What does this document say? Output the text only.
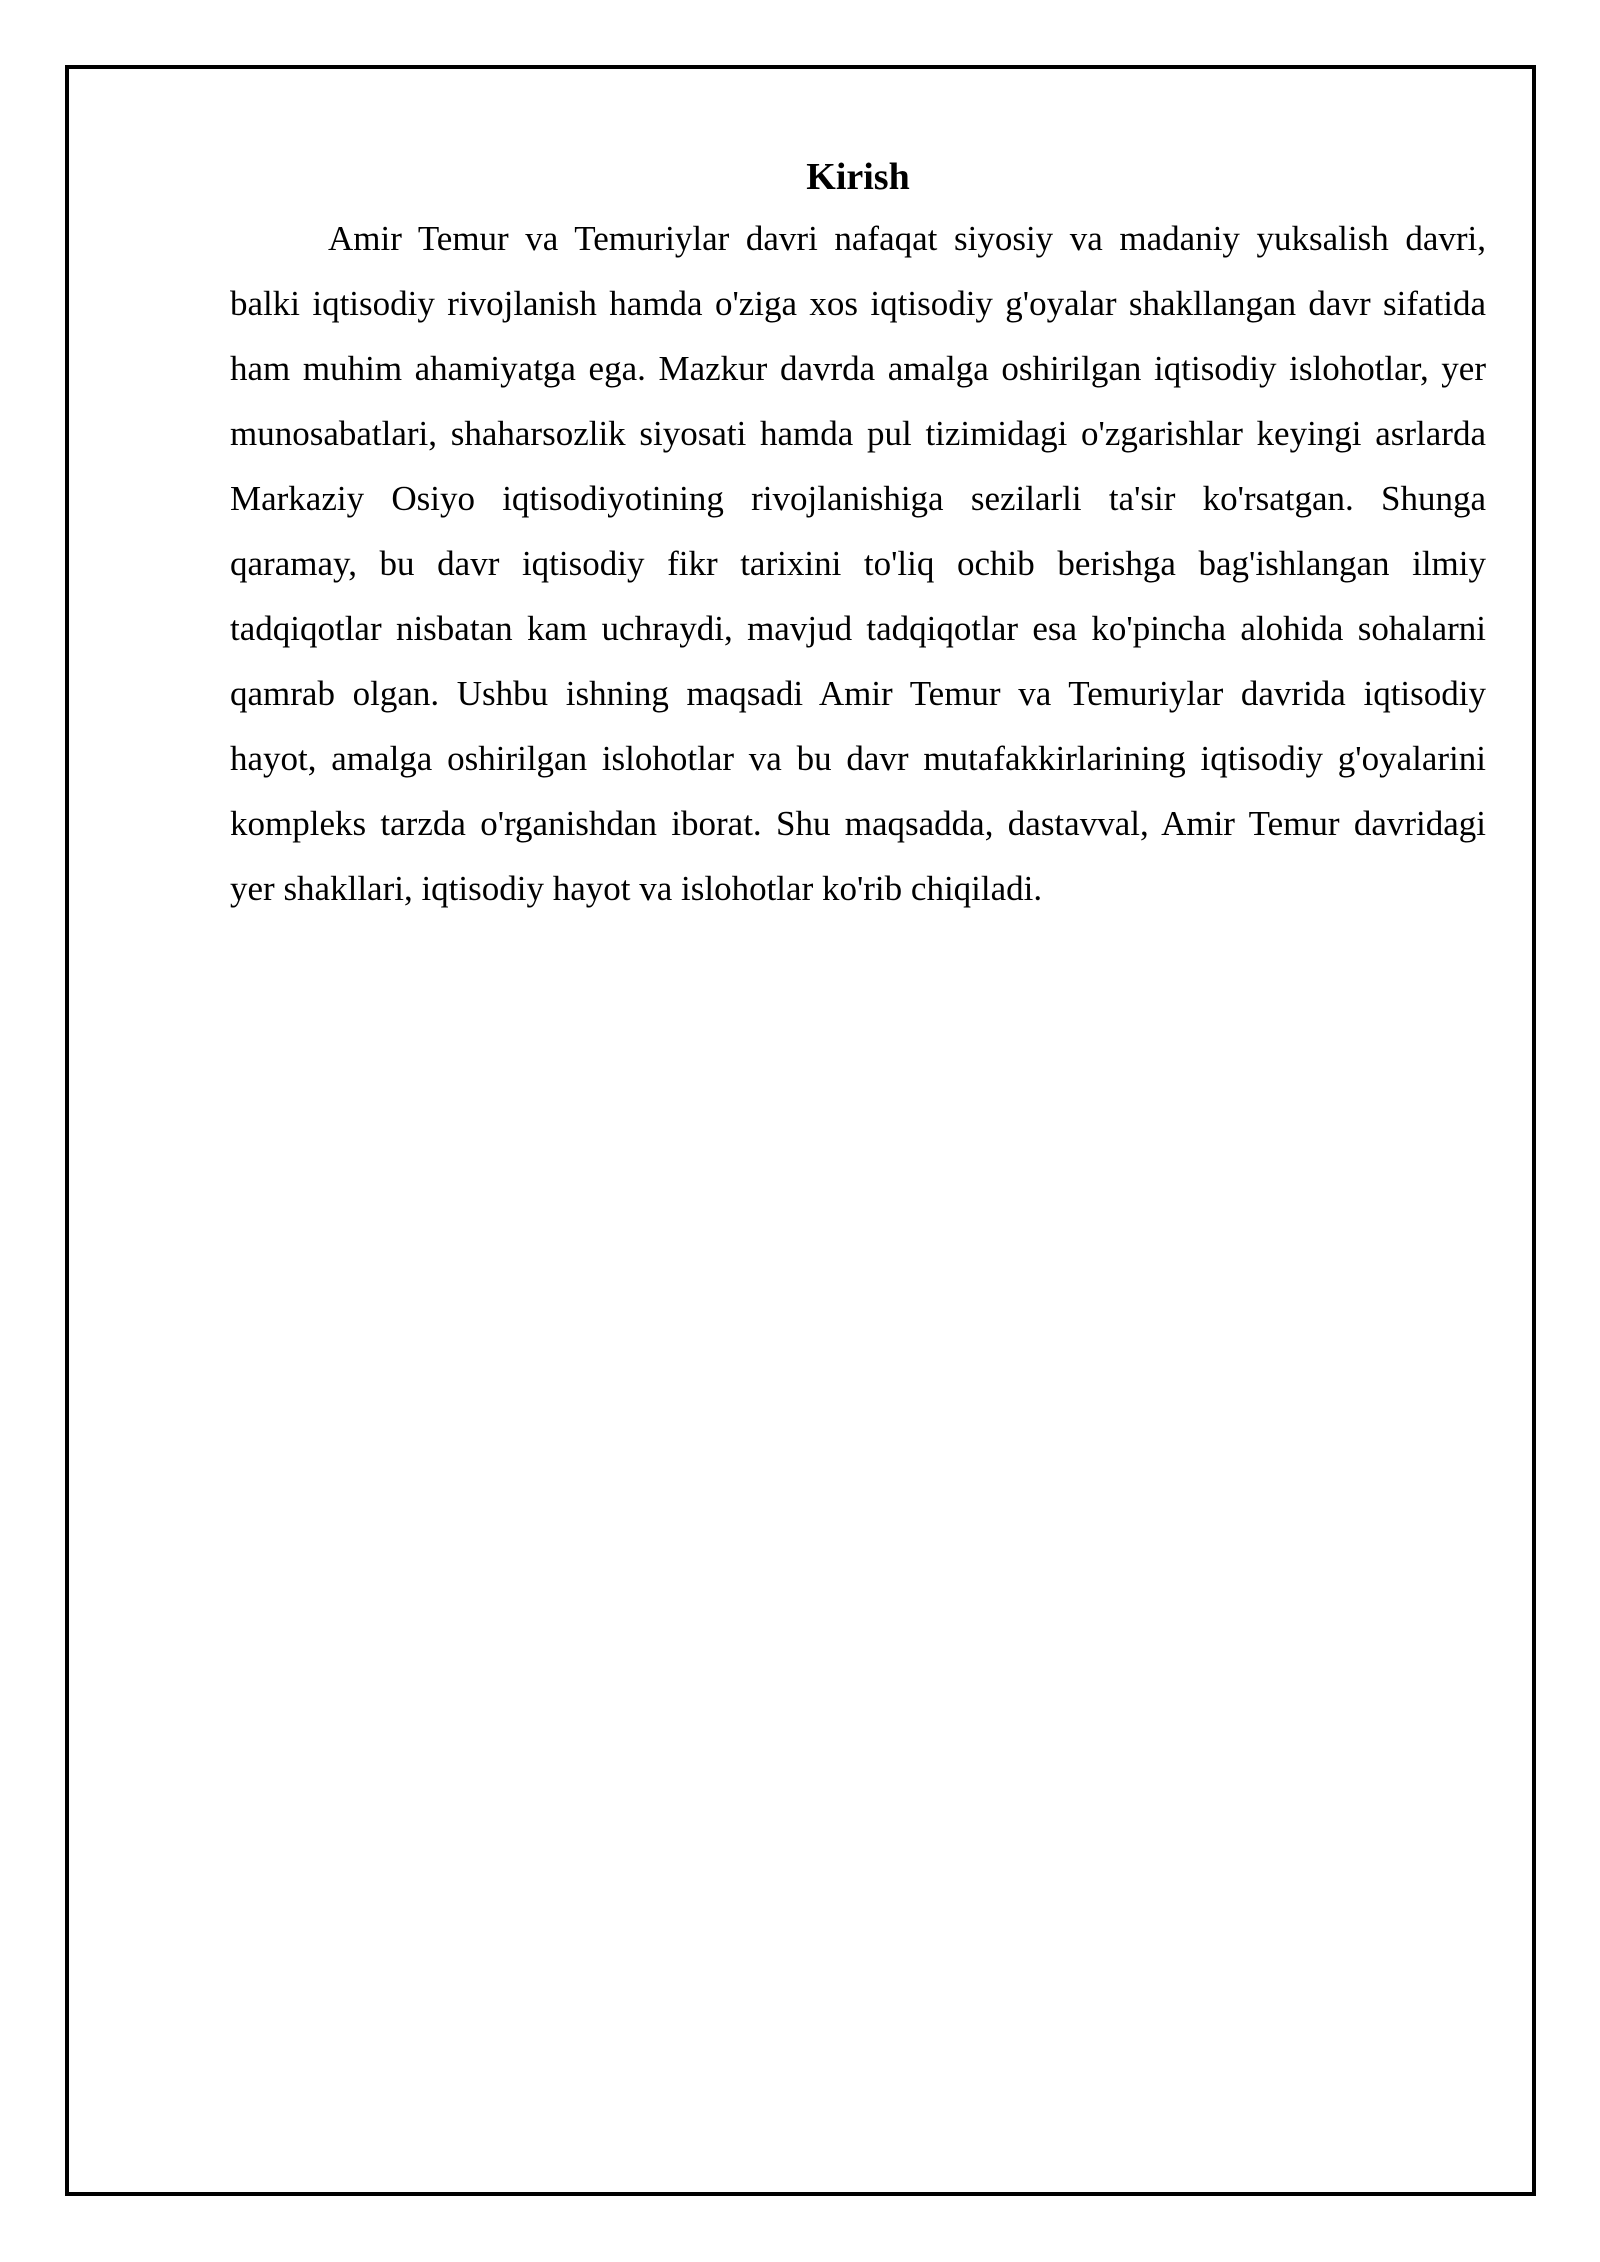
Kirish

Amir Temur va Temuriylar davri nafaqat siyosiy va madaniy yuksalish davri, balki iqtisodiy rivojlanish hamda o'ziga xos iqtisodiy g'oyalar shakllangan davr sifatida ham muhim ahamiyatga ega. Mazkur davrda amalga oshirilgan iqtisodiy islohotlar, yer munosabatlari, shaharsozlik siyosati hamda pul tizimidagi o'zgarishlar keyingi asrlarda Markaziy Osiyo iqtisodiyotining rivojlanishiga sezilarli ta'sir ko'rsatgan. Shunga qaramay, bu davr iqtisodiy fikr tarixini to'liq ochib berishga bag'ishlangan ilmiy tadqiqotlar nisbatan kam uchraydi, mavjud tadqiqotlar esa ko'pincha alohida sohalarni qamrab olgan. Ushbu ishning maqsadi Amir Temur va Temuriylar davrida iqtisodiy hayot, amalga oshirilgan islohotlar va bu davr mutafakkirlarining iqtisodiy g'oyalarini kompleks tarzda o'rganishdan iborat. Shu maqsadda, dastavval, Amir Temur davridagi yer shakllari, iqtisodiy hayot va islohotlar ko'rib chiqiladi.
